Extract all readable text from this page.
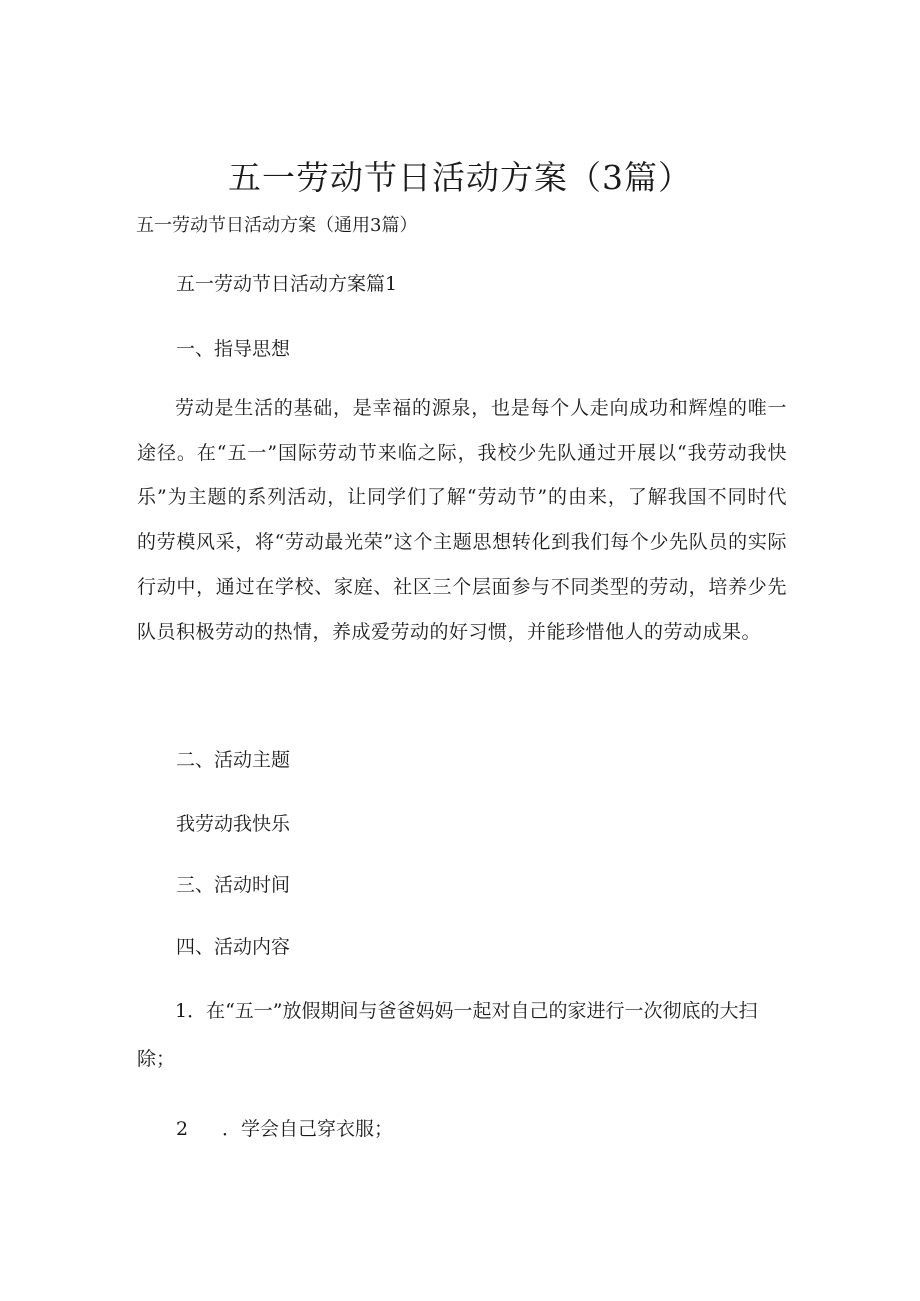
五一劳动节日活动方案（3篇）
五一劳动节日活动方案（通用3篇）
五一劳动节日活动方案篇1
一、指导思想
劳动是生活的基础，是幸福的源泉，也是每个人走向成功和辉煌的唯一途径。在“五一”国际劳动节来临之际，我校少先队通过开展以“我劳动我快乐”为主题的系列活动，让同学们了解“劳动节”的由来，了解我国不同时代的劳模风采，将“劳动最光荣”这个主题思想转化到我们每个少先队员的实际行动中，通过在学校、家庭、社区三个层面参与不同类型的劳动，培养少先队员积极劳动的热情，养成爱劳动的好习惯，并能珍惜他人的劳动成果。
二、活动主题
我劳动我快乐
三、活动时间
四、活动内容
1．在“五一”放假期间与爸爸妈妈一起对自己的家进行一次彻底的大扫除；
2 ．学会自己穿衣服；
